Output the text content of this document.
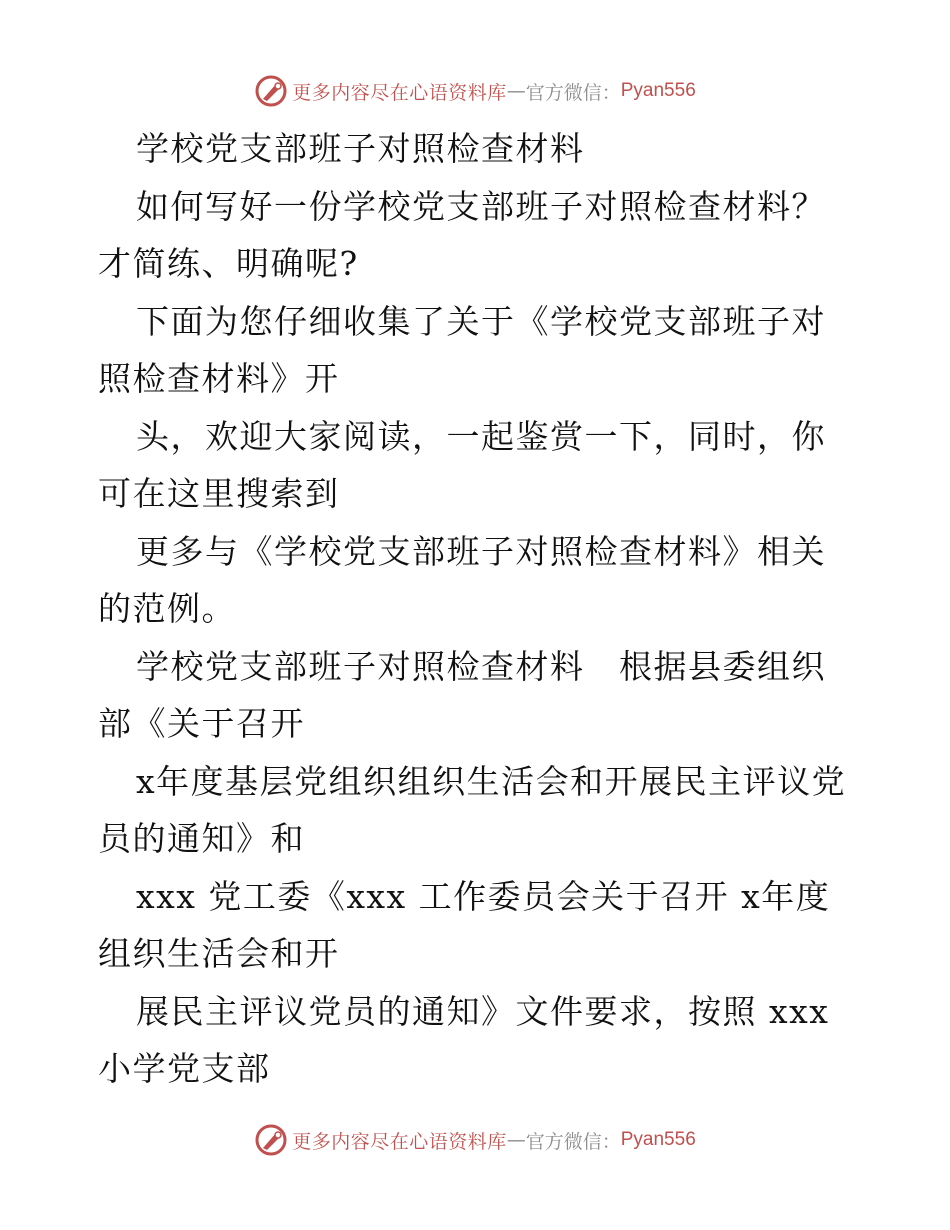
更多内容尽在心语资料库 — 官方微信： Pyan556

学校党支部班子对照检查材料

如何写好一份学校党支部班子对照检查材料？才简练、明确呢?

下面为您仔细收集了关于《学校党支部班子对照检查材料》开

头，欢迎大家阅读，一起鉴赏一下，同时，你可在这里搜索到

更多与《学校党支部班子对照检查材料》相关的范例。

学校党支部班子对照检查材料　根据县委组织部《关于召开

x年度基层党组织组织生活会和开展民主评议党员的通知》和

xxx 党工委《xxx 工作委员会关于召开 x年度组织生活会和开

展民主评议党员的通知》文件要求，按照 xxx 小学党支部

更多内容尽在心语资料库 — 官方微信： Pyan556
